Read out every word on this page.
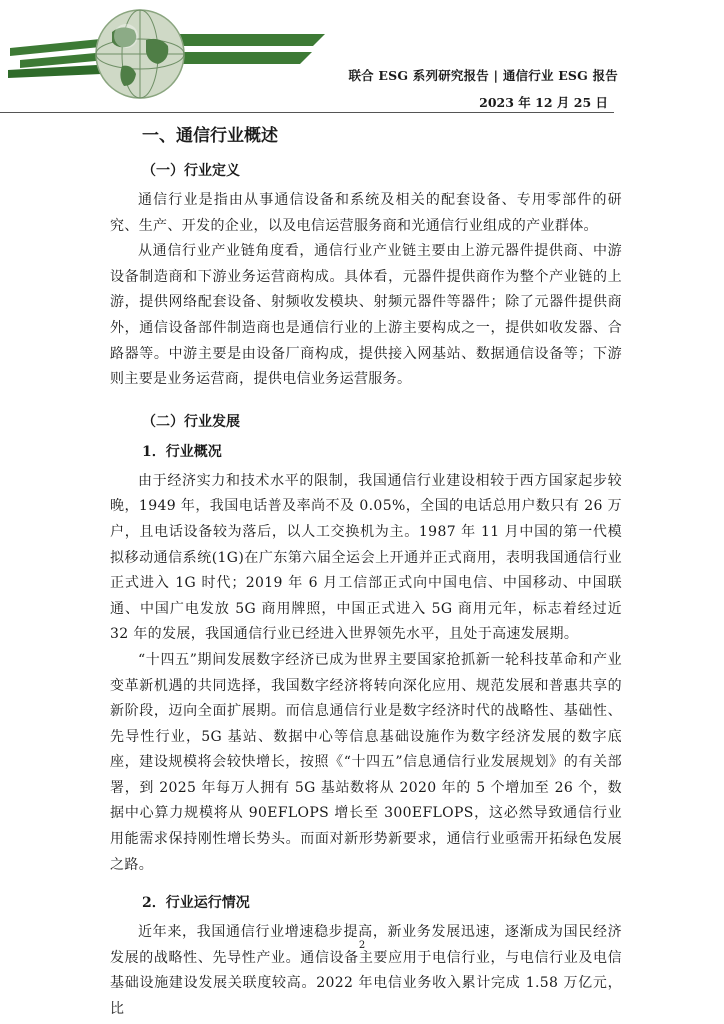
联合 ESG 系列研究报告 | 通信行业 ESG 报告
2023 年 12 月 25 日
一、通信行业概述
（一）行业定义

通信行业是指由从事通信设备和系统及相关的配套设备、专用零部件的研究、生产、开发的企业，以及电信运营服务商和光通信行业组成的产业群体。

从通信行业产业链角度看，通信行业产业链主要由上游元器件提供商、中游设备制造商和下游业务运营商构成。具体看，元器件提供商作为整个产业链的上游，提供网络配套设备、射频收发模块、射频元器件等器件；除了元器件提供商外，通信设备部件制造商也是通信行业的上游主要构成之一，提供如收发器、合路器等。中游主要是由设备厂商构成，提供接入网基站、数据通信设备等；下游则主要是业务运营商，提供电信业务运营服务。

（二）行业发展
1．行业概况

由于经济实力和技术水平的限制，我国通信行业建设相较于西方国家起步较晚，1949 年，我国电话普及率尚不及 0.05%，全国的电话总用户数只有 26 万户，且电话设备较为落后，以人工交换机为主。1987 年 11 月中国的第一代模拟移动通信系统(1G)在广东第六届全运会上开通并正式商用，表明我国通信行业正式进入 1G 时代；2019 年 6 月工信部正式向中国电信、中国移动、中国联通、中国广电发放 5G 商用牌照，中国正式进入 5G 商用元年，标志着经过近 32 年的发展，我国通信行业已经进入世界领先水平，且处于高速发展期。

“十四五”期间发展数字经济已成为世界主要国家抢抓新一轮科技革命和产业变革新机遇的共同选择，我国数字经济将转向深化应用、规范发展和普惠共享的新阶段，迈向全面扩展期。而信息通信行业是数字经济时代的战略性、基础性、先导性行业，5G 基站、数据中心等信息基础设施作为数字经济发展的数字底座，建设规模将会较快增长，按照《“十四五”信息通信行业发展规划》的有关部署，到 2025 年每万人拥有 5G 基站数将从 2020 年的 5 个增加至 26 个，数据中心算力规模将从 90EFLOPS 增长至 300EFLOPS，这必然导致通信行业用能需求保持刚性增长势头。而面对新形势新要求，通信行业亟需开拓绿色发展之路。

2．行业运行情况

近年来，我国通信行业增速稳步提高，新业务发展迅速，逐渐成为国民经济发展的战略性、先导性产业。通信设备主要应用于电信行业，与电信行业及电信基础设施建设发展关联度较高。2022 年电信业务收入累计完成 1.58 万亿元，比

2
